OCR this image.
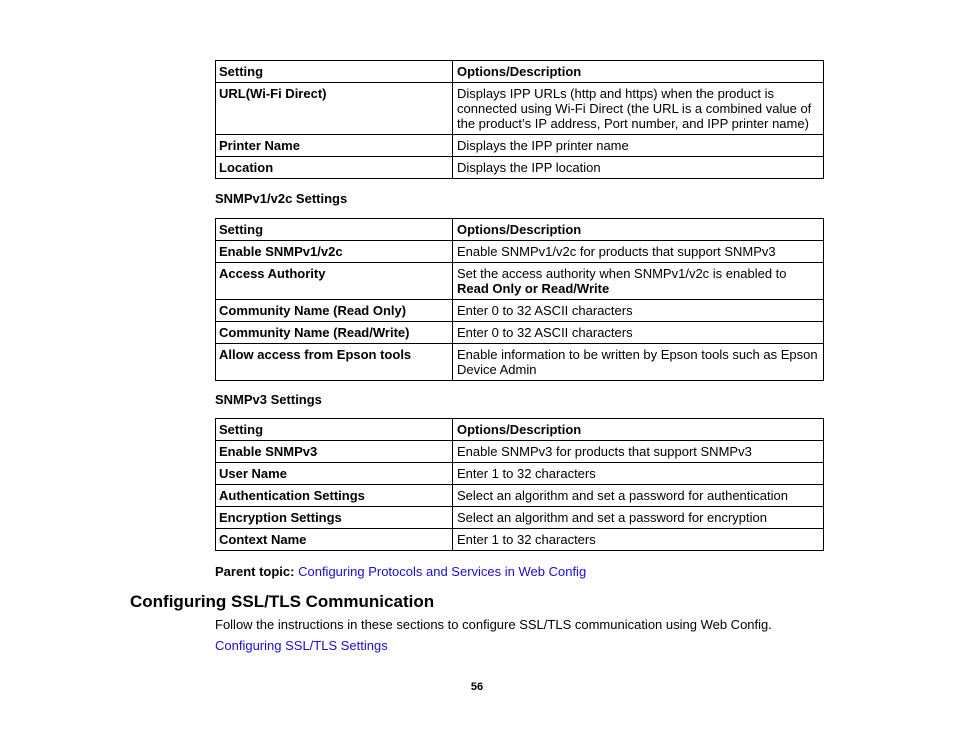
Setting	Options/Description
URL(Wi-Fi Direct)	Displays IPP URLs (http and https) when the product is
connected using Wi-Fi Direct (the URL is a combined value of
the product’s IP address, Port number, and IPP printer name)

Printer Name	Displays the IPP printer name
Location	Displays the IPP location
SNMPv1/v2c Settings
Setting	Options/Description
Enable SNMPv1/v2c	Enable SNMPv1/v2c for products that support SNMPv3
Access Authority	Set the access authority when SNMPv1/v2c is enabled to
Read Only or Read/Write

Community Name (Read Only)	Enter 0 to 32 ASCII characters
Community Name (Read/Write)	Enter 0 to 32 ASCII characters
Allow access from Epson tools	Enable information to be written by Epson tools such as Epson
Device Admin
SNMPv3 Settings
Setting	Options/Description
Enable SNMPv3	Enable SNMPv3 for products that support SNMPv3
User Name	Enter 1 to 32 characters
Authentication Settings	Select an algorithm and set a password for authentication
Encryption Settings	Select an algorithm and set a password for encryption
Context Name	Enter 1 to 32 characters
Parent topic: Configuring Protocols and Services in Web Config
Configuring SSL/TLS Communication
Follow the instructions in these sections to configure SSL/TLS communication using Web Config.
Configuring SSL/TLS Settings
56
